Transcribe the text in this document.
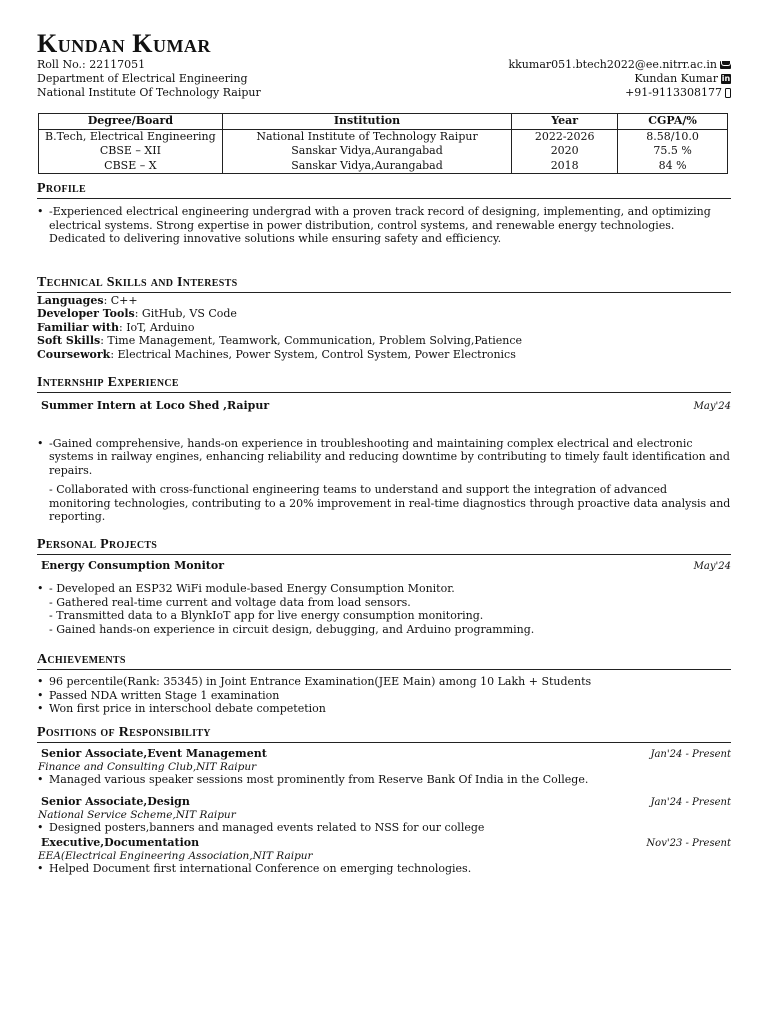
Kundan Kumar
Roll No.: 22117051
Department of Electrical Engineering
National Institute Of Technology Raipur
kkumar051.btech2022@ee.nitrr.ac.in
Kundan Kumar in
+91-9113308177
Degree/Board	Institution	Year	CGPA/%
B.Tech, Electrical Engineering	National Institute of Technology Raipur	2022-2026	8.58/10.0
CBSE – XII	Sanskar Vidya,Aurangabad	2020	75.5 %
CBSE – X	Sanskar Vidya,Aurangabad	2018	84 %
Profile
• -Experienced electrical engineering undergrad with a proven track record of designing, implementing, and optimizing electrical systems. Strong expertise in power distribution, control systems, and renewable energy technologies. Dedicated to delivering innovative solutions while ensuring safety and efficiency.
Technical Skills and Interests
Languages: C++
Developer Tools: GitHub, VS Code
Familiar with: IoT, Arduino
Soft Skills: Time Management, Teamwork, Communication, Problem Solving,Patience
Coursework: Electrical Machines, Power System, Control System, Power Electronics
Internship Experience
Summer Intern at Loco Shed ,Raipur	May'24
• -Gained comprehensive, hands-on experience in troubleshooting and maintaining complex electrical and electronic systems in railway engines, enhancing reliability and reducing downtime by contributing to timely fault identification and repairs.
- Collaborated with cross-functional engineering teams to understand and support the integration of advanced monitoring technologies, contributing to a 20% improvement in real-time diagnostics through proactive data analysis and reporting.
Personal Projects
Energy Consumption Monitor	May'24
• - Developed an ESP32 WiFi module-based Energy Consumption Monitor.
- Gathered real-time current and voltage data from load sensors.
- Transmitted data to a BlynkIoT app for live energy consumption monitoring.
- Gained hands-on experience in circuit design, debugging, and Arduino programming.
Achievements
• 96 percentile(Rank: 35345) in Joint Entrance Examination(JEE Main) among 10 Lakh + Students
• Passed NDA written Stage 1 examination
• Won first price in interschool debate competetion
Positions of Responsibility
Senior Associate,Event Management	Jan'24 - Present
Finance and Consulting Club,NIT Raipur
• Managed various speaker sessions most prominently from Reserve Bank Of India in the College.
Senior Associate,Design	Jan'24 - Present
National Service Scheme,NIT Raipur
• Designed posters,banners and managed events related to NSS for our college
Executive,Documentation	Nov'23 - Present
EEA(Electrical Engineering Association,NIT Raipur
• Helped Document first international Conference on emerging technologies.
